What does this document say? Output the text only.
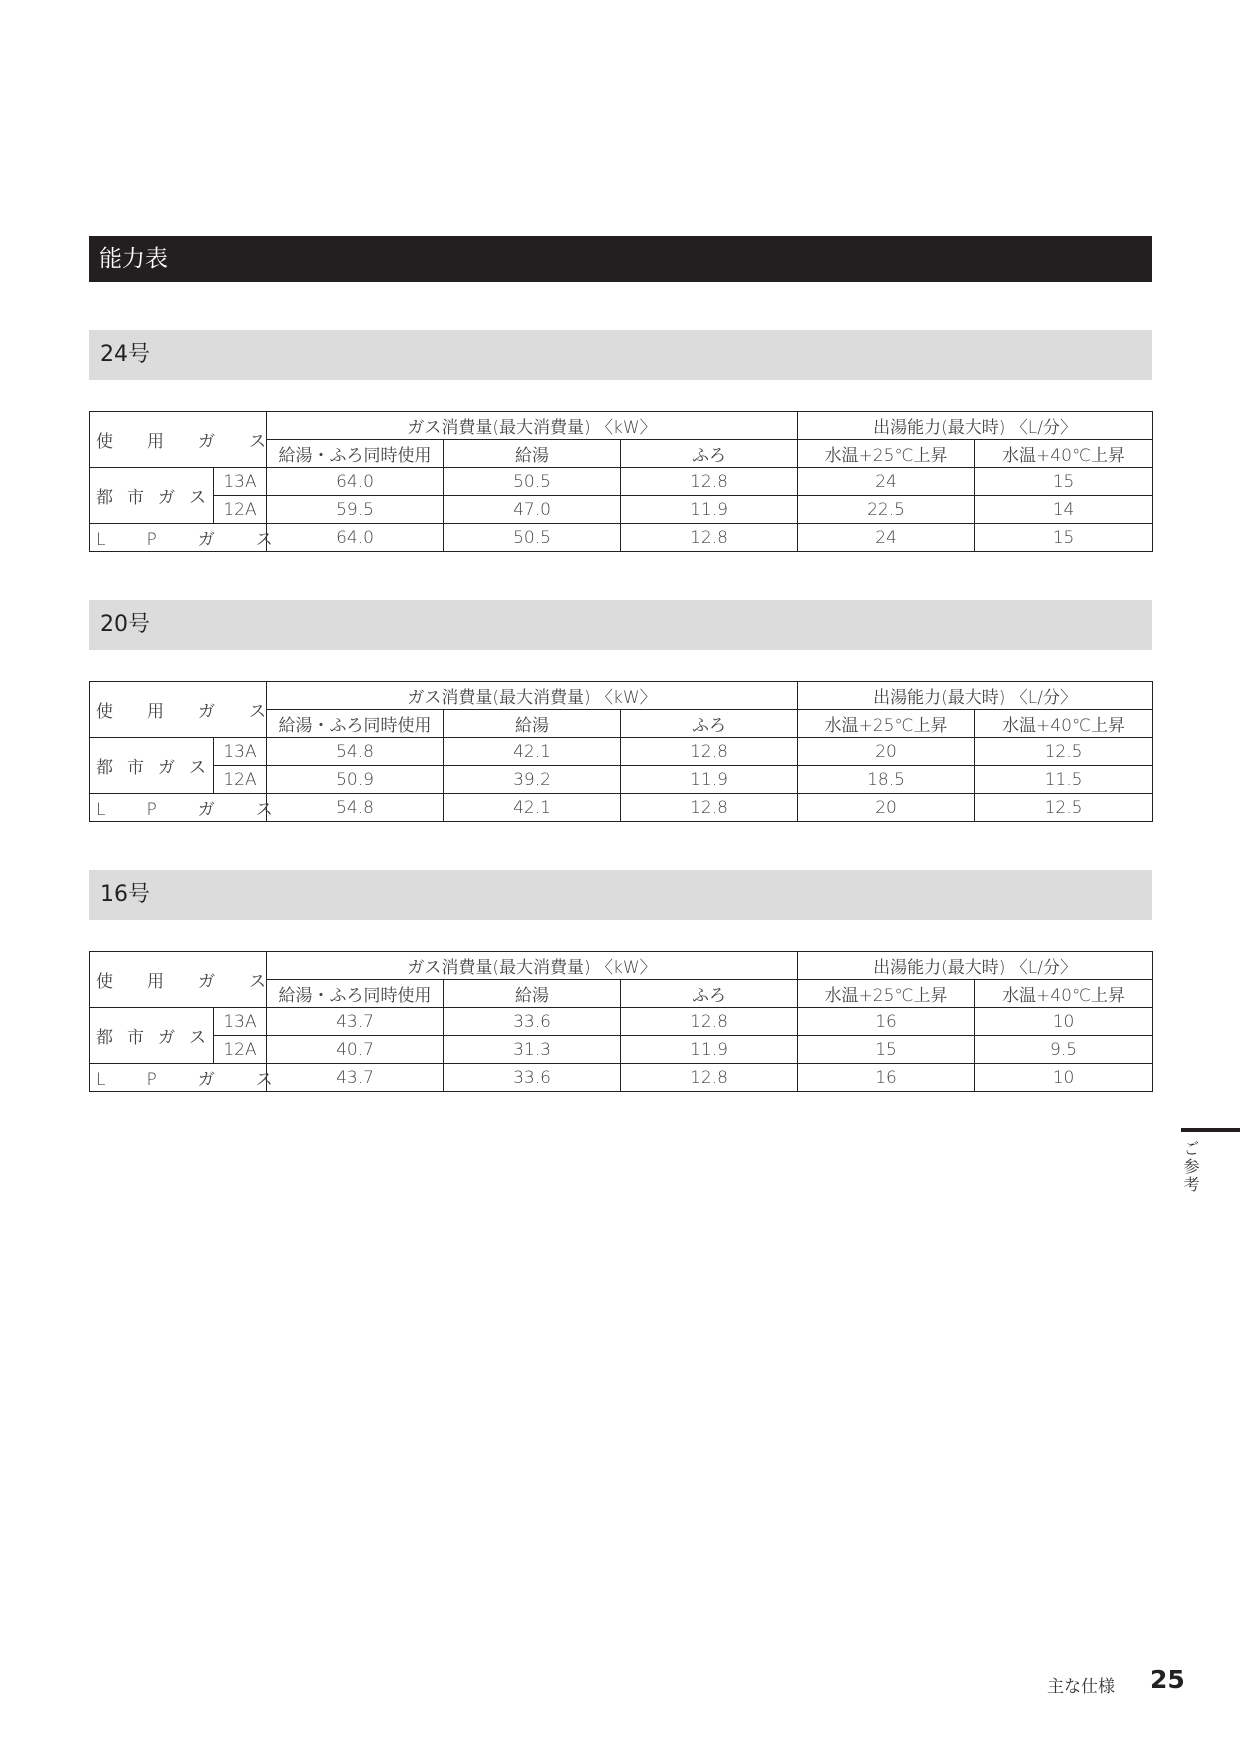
能力表
24号
使 用 ガ ス		ガス消費量(最大消費量) 〈kW〉			出湯能力(最大時) 〈L/分〉	
		給湯・ふろ同時使用	給湯	ふろ	水温+25℃上昇	水温+40℃上昇
都 市 ガ ス	13A	64.0	50.5	12.8	24	15
	12A	59.5	47.0	11.9	22.5	14
L P ガ ス		64.0	50.5	12.8	24	15
20号
使 用 ガ ス		ガス消費量(最大消費量) 〈kW〉			出湯能力(最大時) 〈L/分〉	
		給湯・ふろ同時使用	給湯	ふろ	水温+25℃上昇	水温+40℃上昇
都 市 ガ ス	13A	54.8	42.1	12.8	20	12.5
	12A	50.9	39.2	11.9	18.5	11.5
L P ガ ス		54.8	42.1	12.8	20	12.5
16号
使 用 ガ ス		ガス消費量(最大消費量) 〈kW〉			出湯能力(最大時) 〈L/分〉	
		給湯・ふろ同時使用	給湯	ふろ	水温+25℃上昇	水温+40℃上昇
都 市 ガ ス	13A	43.7	33.6	12.8	16	10
	12A	40.7	31.3	11.9	15	9.5
L P ガ ス		43.7	33.6	12.8	16	10
ご参考
主な仕様 25
